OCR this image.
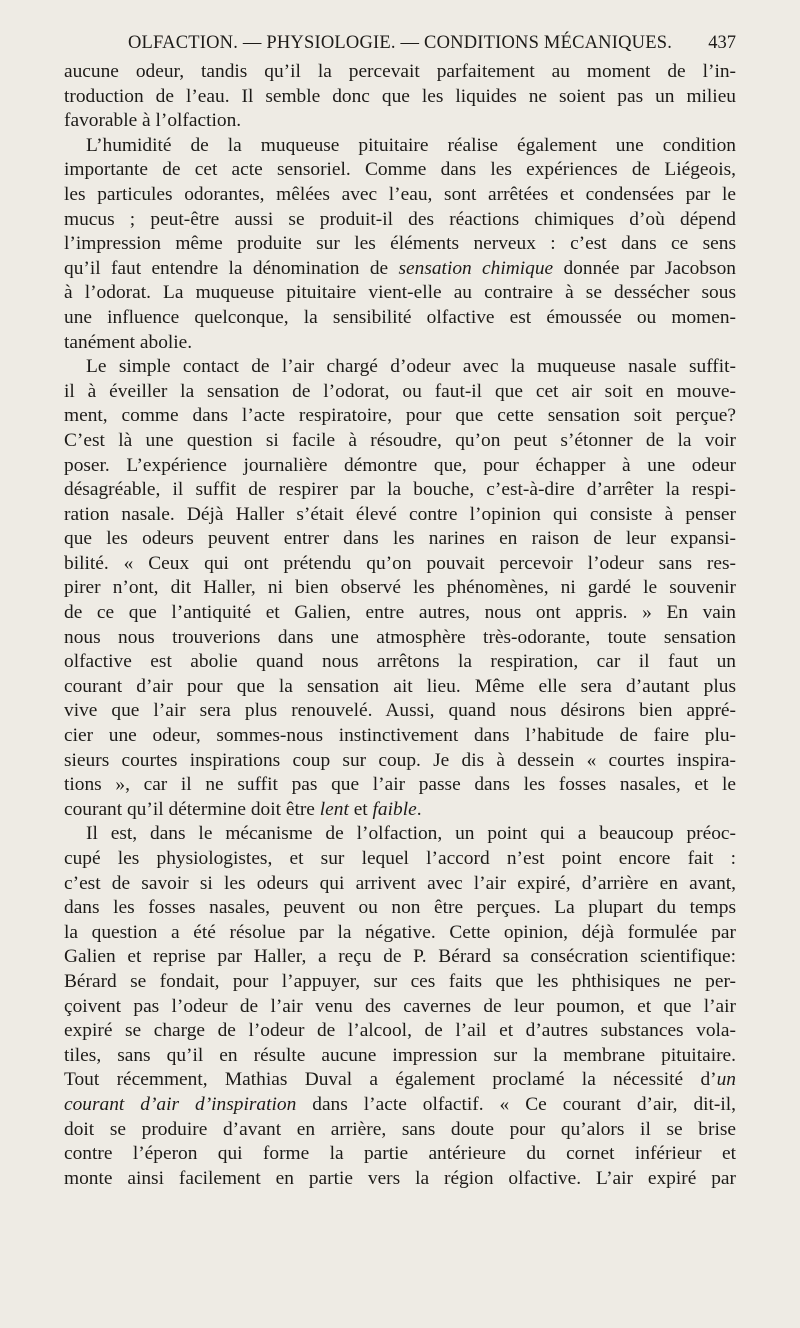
OLFACTION. — PHYSIOLOGIE. — CONDITIONS MÉCANIQUES.	437
aucune odeur, tandis qu’il la percevait parfaitement au moment de l’in-
troduction de l’eau. Il semble donc que les liquides ne soient pas un milieu
favorable à l’olfaction.
L’humidité de la muqueuse pituitaire réalise également une condition
importante de cet acte sensoriel. Comme dans les expériences de Liégeois,
les particules odorantes, mêlées avec l’eau, sont arrêtées et condensées par le
mucus ; peut-être aussi se produit-il des réactions chimiques d’où dépend
l’impression même produite sur les éléments nerveux : c’est dans ce sens
qu’il faut entendre la dénomination de sensation chimique donnée par Jacobson
à l’odorat. La muqueuse pituitaire vient-elle au contraire à se dessécher sous
une influence quelconque, la sensibilité olfactive est émoussée ou momen-
tanément abolie.
Le simple contact de l’air chargé d’odeur avec la muqueuse nasale suffit-
il à éveiller la sensation de l’odorat, ou faut-il que cet air soit en mouve-
ment, comme dans l’acte respiratoire, pour que cette sensation soit perçue?
C’est là une question si facile à résoudre, qu’on peut s’étonner de la voir
poser. L’expérience journalière démontre que, pour échapper à une odeur
désagréable, il suffit de respirer par la bouche, c’est-à-dire d’arrêter la respi-
ration nasale. Déjà Haller s’était élevé contre l’opinion qui consiste à penser
que les odeurs peuvent entrer dans les narines en raison de leur expansi-
bilité. « Ceux qui ont prétendu qu’on pouvait percevoir l’odeur sans res-
pirer n’ont, dit Haller, ni bien observé les phénomènes, ni gardé le souvenir
de ce que l’antiquité et Galien, entre autres, nous ont appris. » En vain
nous nous trouverions dans une atmosphère très-odorante, toute sensation
olfactive est abolie quand nous arrêtons la respiration, car il faut un
courant d’air pour que la sensation ait lieu. Même elle sera d’autant plus
vive que l’air sera plus renouvelé. Aussi, quand nous désirons bien appré-
cier une odeur, sommes-nous instinctivement dans l’habitude de faire plu-
sieurs courtes inspirations coup sur coup. Je dis à dessein « courtes inspira-
tions », car il ne suffit pas que l’air passe dans les fosses nasales, et le
courant qu’il détermine doit être lent et faible.
Il est, dans le mécanisme de l’olfaction, un point qui a beaucoup préoc-
cupé les physiologistes, et sur lequel l’accord n’est point encore fait :
c’est de savoir si les odeurs qui arrivent avec l’air expiré, d’arrière en avant,
dans les fosses nasales, peuvent ou non être perçues. La plupart du temps
la question a été résolue par la négative. Cette opinion, déjà formulée par
Galien et reprise par Haller, a reçu de P. Bérard sa consécration scientifique:
Bérard se fondait, pour l’appuyer, sur ces faits que les phthisiques ne per-
çoivent pas l’odeur de l’air venu des cavernes de leur poumon, et que l’air
expiré se charge de l’odeur de l’alcool, de l’ail et d’autres substances vola-
tiles, sans qu’il en résulte aucune impression sur la membrane pituitaire.
Tout récemment, Mathias Duval a également proclamé la nécessité d’un
courant d’air d’inspiration dans l’acte olfactif. « Ce courant d’air, dit-il,
doit se produire d’avant en arrière, sans doute pour qu’alors il se brise
contre l’éperon qui forme la partie antérieure du cornet inférieur et
monte ainsi facilement en partie vers la région olfactive. L’air expiré par
